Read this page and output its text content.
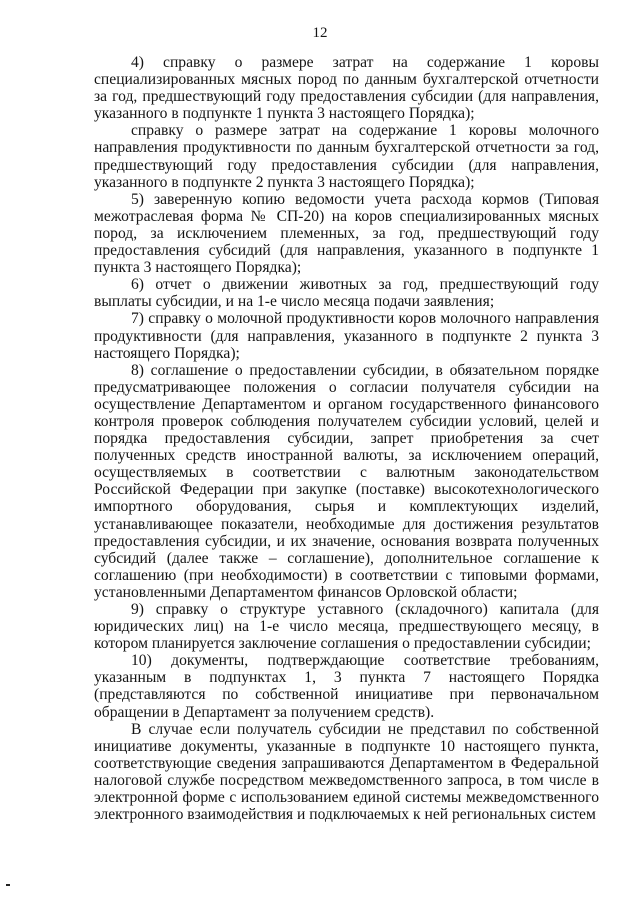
12

4) справку о размере затрат на содержание 1 коровы специализированных мясных пород по данным бухгалтерской отчетности за год, предшествующий году предоставления субсидии (для направления, указанного в подпункте 1 пункта 3 настоящего Порядка);

справку о размере затрат на содержание 1 коровы молочного направления продуктивности по данным бухгалтерской отчетности за год, предшествующий году предоставления субсидии (для направления, указанного в подпункте 2 пункта 3 настоящего Порядка);

5) заверенную копию ведомости учета расхода кормов (Типовая межотраслевая форма № СП-20) на коров специализированных мясных пород, за исключением племенных, за год, предшествующий году предоставления субсидий (для направления, указанного в подпункте 1 пункта 3 настоящего Порядка);

6) отчет о движении животных за год, предшествующий году выплаты субсидии, и на 1-е число месяца подачи заявления;

7) справку о молочной продуктивности коров молочного направления продуктивности (для направления, указанного в подпункте 2 пункта 3 настоящего Порядка);

8) соглашение о предоставлении субсидии, в обязательном порядке предусматривающее положения о согласии получателя субсидии на осуществление Департаментом и органом государственного финансового контроля проверок соблюдения получателем субсидии условий, целей и порядка предоставления субсидии, запрет приобретения за счет полученных средств иностранной валюты, за исключением операций, осуществляемых в соответствии с валютным законодательством Российской Федерации при закупке (поставке) высокотехнологического импортного оборудования, сырья и комплектующих изделий, устанавливающее показатели, необходимые для достижения результатов предоставления субсидии, и их значение, основания возврата полученных субсидий (далее также – соглашение), дополнительное соглашение к соглашению (при необходимости) в соответствии с типовыми формами, установленными Департаментом финансов Орловской области;

9) справку о структуре уставного (складочного) капитала (для юридических лиц) на 1-е число месяца, предшествующего месяцу, в котором планируется заключение соглашения о предоставлении субсидии;

10) документы, подтверждающие соответствие требованиям, указанным в подпунктах 1, 3 пункта 7 настоящего Порядка (представляются по собственной инициативе при первоначальном обращении в Департамент за получением средств).

В случае если получатель субсидии не представил по собственной инициативе документы, указанные в подпункте 10 настоящего пункта, соответствующие сведения запрашиваются Департаментом в Федеральной налоговой службе посредством межведомственного запроса, в том числе в электронной форме с использованием единой системы межведомственного электронного взаимодействия и подключаемых к ней региональных систем
